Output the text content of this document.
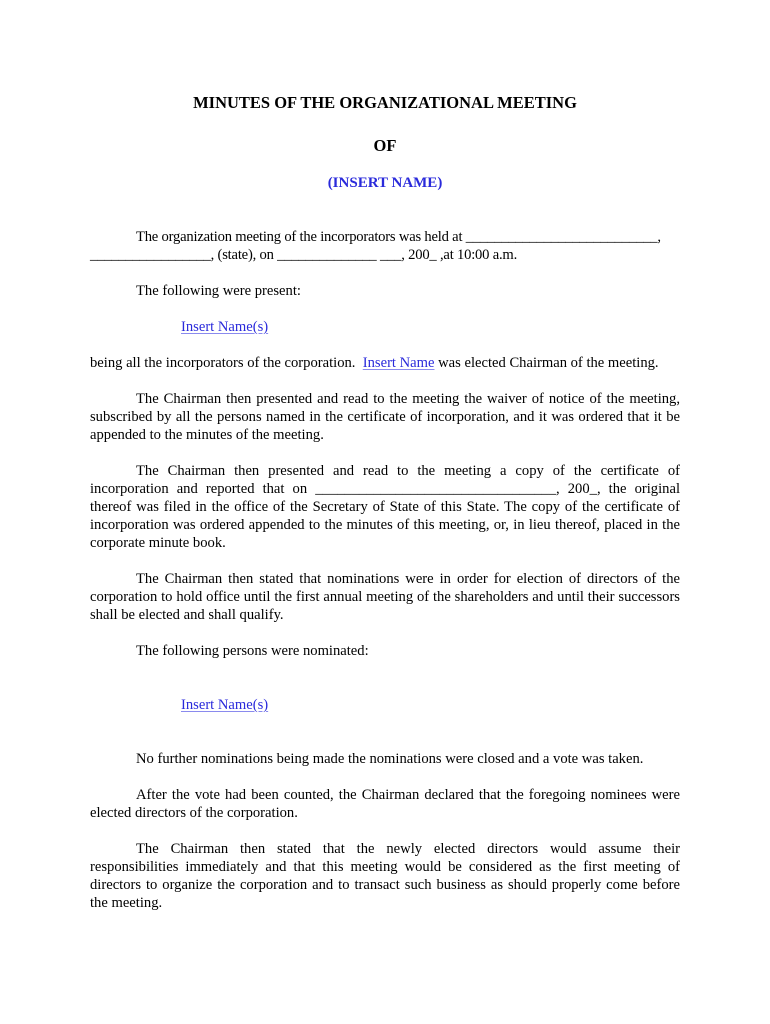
MINUTES OF THE ORGANIZATIONAL MEETING
OF
(INSERT NAME)
The organization meeting of the incorporators was held at ___________________________,
_________________, (state), on ______________ ___, 200_ ,at 10:00 a.m.
The following were present:
Insert Name(s)
being all the incorporators of the corporation.  Insert Name was elected Chairman of the meeting.
The Chairman then presented and read to the meeting the waiver of notice of the meeting, subscribed by all the persons named in the certificate of incorporation, and it was ordered that it be appended to the minutes of the meeting.
The Chairman then presented and read to the meeting a copy of the certificate of incorporation and reported that on _________________________________, 200_, the original thereof was filed in the office of the Secretary of State of this State. The copy of the certificate of incorporation was ordered appended to the minutes of this meeting, or, in lieu thereof, placed in the corporate minute book.
The Chairman then stated that nominations were in order for election of directors of the corporation to hold office until the first annual meeting of the shareholders and until their successors shall be elected and shall qualify.
The following persons were nominated:
Insert Name(s)
No further nominations being made the nominations were closed and a vote was taken.
After the vote had been counted, the Chairman declared that the foregoing nominees were elected directors of the corporation.
The Chairman then stated that the newly elected directors would assume their responsibilities immediately and that this meeting would be considered as the first meeting of directors to organize the corporation and to transact such business as should properly come before the meeting.
